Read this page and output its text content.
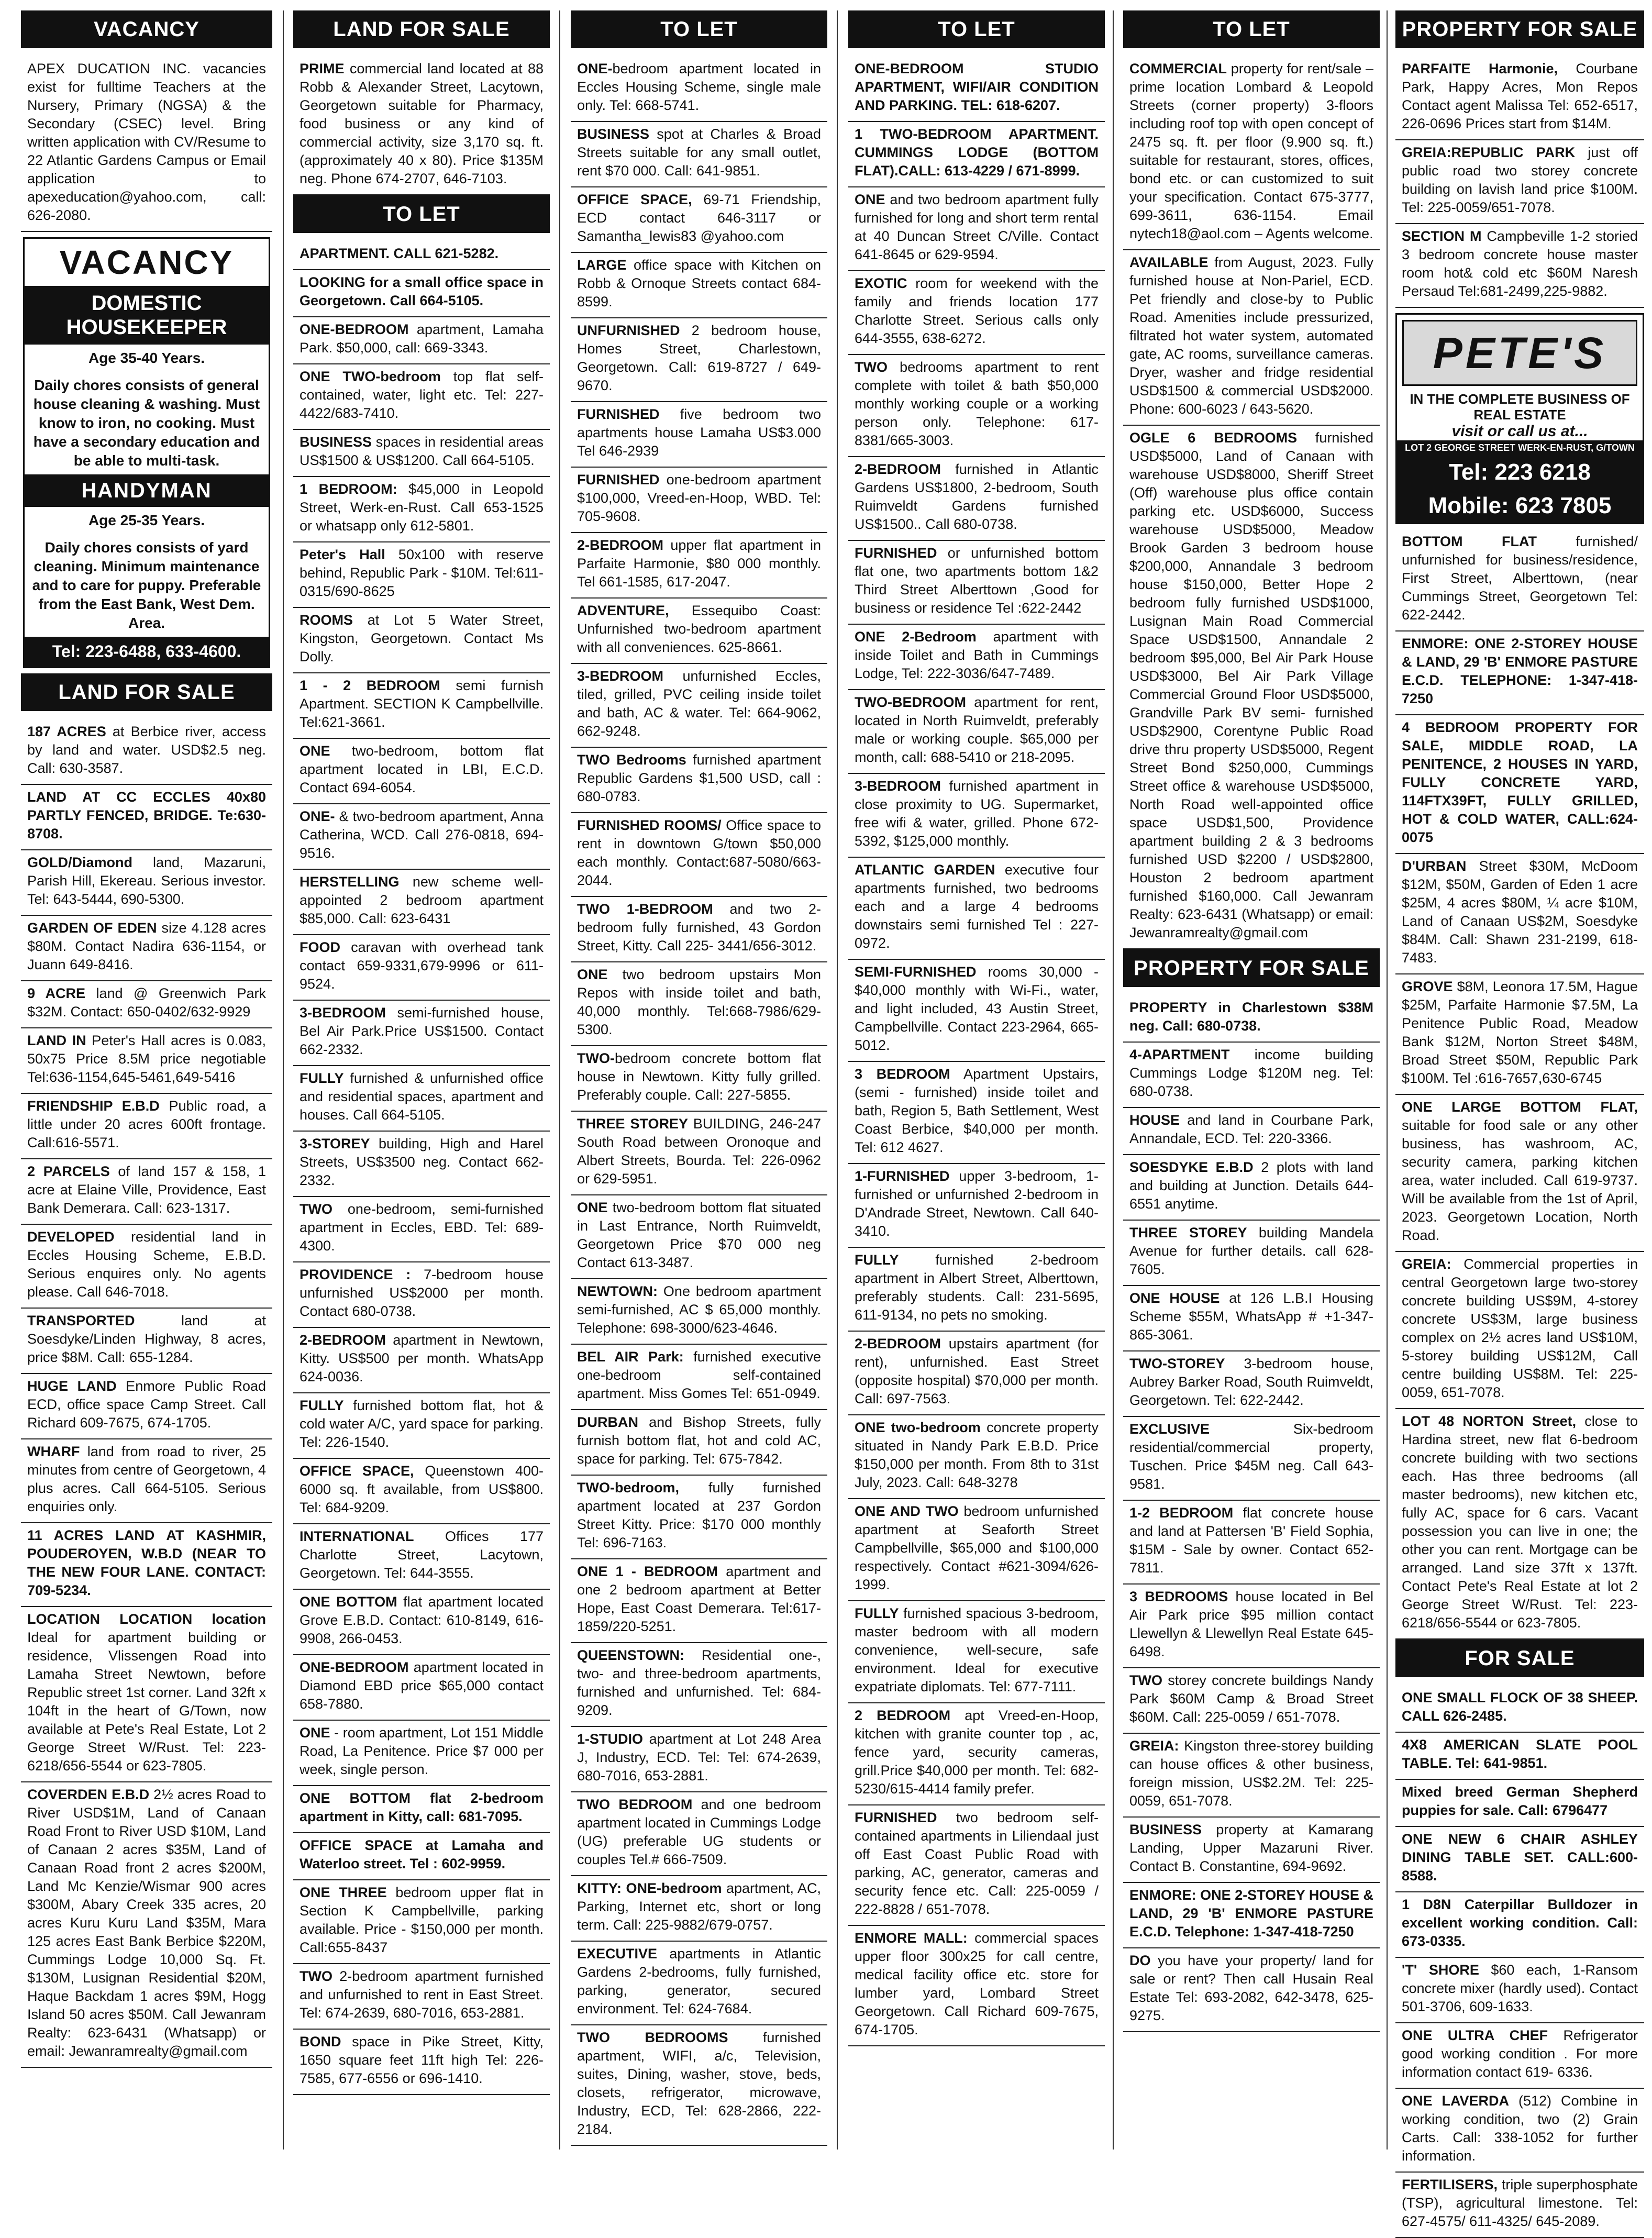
VACANCY
APEX DUCATION INC. vacancies exist for fulltime Teachers at the Nursery, Primary (NGSA) & the Secondary (CSEC) level. Bring written application with CV/Resume to 22 Atlantic Gardens Campus or Email application to apexeducation@yahoo.com, call: 626-2080.
VACANCY
DOMESTIC HOUSEKEEPER
Age 35-40 Years.
Daily chores consists of general house cleaning & washing. Must know to iron, no cooking. Must have a secondary education and be able to multi-task.
HANDYMAN
Age 25-35 Years.
Daily chores consists of yard cleaning. Minimum maintenance and to care for puppy. Preferable from the East Bank, West Dem. Area.
Tel: 223-6488, 633-4600.
LAND FOR SALE
187 ACRES at Berbice river, access by land and water. USD$2.5 neg. Call: 630-3587.
LAND AT CC ECCLES 40x80 PARTLY FENCED, BRIDGE. Te:630-8708.
GOLD/Diamond land, Mazaruni, Parish Hill, Ekereau. Serious investor. Tel: 643-5444, 690-5300.
GARDEN OF EDEN size 4.128 acres $80M. Contact Nadira 636-1154, or Juann 649-8416.
9 ACRE land @ Greenwich Park $32M. Contact: 650-0402/632-9929
LAND IN Peter's Hall acres is 0.083, 50x75 Price 8.5M price negotiable Tel:636-1154,645-5461,649-5416
FRIENDSHIP E.B.D Public road, a little under 20 acres 600ft frontage. Call:616-5571.
2 PARCELS of land 157 & 158, 1 acre at Elaine Ville, Providence, East Bank Demerara. Call: 623-1317.
DEVELOPED residential land in Eccles Housing Scheme, E.B.D. Serious enquires only. No agents please. Call 646-7018.
TRANSPORTED land at Soesdyke/Linden Highway, 8 acres, price $8M. Call: 655-1284.
HUGE LAND Enmore Public Road ECD, office space Camp Street. Call Richard 609-7675, 674-1705.
WHARF land from road to river, 25 minutes from centre of Georgetown, 4 plus acres. Call 664-5105. Serious enquiries only.
11 ACRES LAND AT KASHMIR, POUDEROYEN, W.B.D (NEAR TO THE NEW FOUR LANE. CONTACT: 709-5234.
LOCATION LOCATION location Ideal for apartment building or residence, Vlissengen Road into Lamaha Street Newtown, before Republic street 1st corner. Land 32ft x 104ft in the heart of G/Town, now available at Pete's Real Estate, Lot 2 George Street W/Rust. Tel: 223-6218/656-5544 or 623-7805.
COVERDEN E.B.D 2½ acres Road to River USD$1M, Land of Canaan Road Front to River USD $10M, Land of Canaan 2 acres $35M, Land of Canaan Road front 2 acres $200M, Land Mc Kenzie/Wismar 900 acres $300M, Abary Creek 335 acres, 20 acres Kuru Kuru Land $35M, Mara 125 acres East Bank Berbice $220M, Cummings Lodge 10,000 Sq. Ft. $130M, Lusignan Residential $20M, Haque Backdam 1 acres $9M, Hogg Island 50 acres $50M. Call Jewanram Realty: 623-6431 (Whatsapp) or email: Jewanramrealty@gmail.com
LAND FOR SALE
PRIME commercial land located at 88 Robb & Alexander Street, Lacytown, Georgetown suitable for Pharmacy, food business or any kind of commercial activity, size 3,170 sq. ft. (approximately 40 x 80). Price $135M neg. Phone 674-2707, 646-7103.
TO LET
APARTMENT. CALL 621-5282.
LOOKING for a small office space in Georgetown. Call 664-5105.
ONE-BEDROOM apartment, Lamaha Park. $50,000, call: 669-3343.
ONE TWO-bedroom top flat self-contained, water, light etc. Tel: 227-4422/683-7410.
BUSINESS spaces in residential areas US$1500 & US$1200. Call 664-5105.
1 BEDROOM: $45,000 in Leopold Street, Werk-en-Rust. Call 653-1525 or whatsapp only 612-5801.
Peter's Hall 50x100 with reserve behind, Republic Park - $10M. Tel:611-0315/690-8625
ROOMS at Lot 5 Water Street, Kingston, Georgetown. Contact Ms Dolly.
1 - 2 BEDROOM semi furnish Apartment. SECTION K Campbellville. Tel:621-3661.
ONE two-bedroom, bottom flat apartment located in LBI, E.C.D. Contact 694-6054.
ONE- & two-bedroom apartment, Anna Catherina, WCD. Call 276-0818, 694-9516.
HERSTELLING new scheme well-appointed 2 bedroom apartment $85,000. Call: 623-6431
FOOD caravan with overhead tank contact 659-9331,679-9996 or 611-9524.
3-BEDROOM semi-furnished house, Bel Air Park.Price US$1500. Contact 662-2332.
FULLY furnished & unfurnished office and residential spaces, apartment and houses. Call 664-5105.
3-STOREY building, High and Harel Streets, US$3500 neg. Contact 662-2332.
TWO one-bedroom, semi-furnished apartment in Eccles, EBD. Tel: 689-4300.
PROVIDENCE : 7-bedroom house unfurnished US$2000 per month. Contact 680-0738.
2-BEDROOM apartment in Newtown, Kitty. US$500 per month. WhatsApp 624-0036.
FULLY furnished bottom flat, hot & cold water A/C, yard space for parking. Tel: 226-1540.
OFFICE SPACE, Queenstown 400-6000 sq. ft available, from US$800. Tel: 684-9209.
INTERNATIONAL Offices 177 Charlotte Street, Lacytown, Georgetown. Tel: 644-3555.
ONE BOTTOM flat apartment located Grove E.B.D. Contact: 610-8149, 616-9908, 266-0453.
ONE-BEDROOM apartment located in Diamond EBD price $65,000 contact 658-7880.
ONE - room apartment, Lot 151 Middle Road, La Penitence. Price $7 000 per week, single person.
ONE BOTTOM flat 2-bedroom apartment in Kitty, call: 681-7095.
OFFICE SPACE at Lamaha and Waterloo street. Tel : 602-9959.
ONE THREE bedroom upper flat in Section K Campbellville, parking available. Price - $150,000 per month. Call:655-8437
TWO 2-bedroom apartment furnished and unfurnished to rent in East Street. Tel: 674-2639, 680-7016, 653-2881.
BOND space in Pike Street, Kitty, 1650 square feet 11ft high Tel: 226-7585, 677-6556 or 696-1410.
TO LET
ONE-bedroom apartment located in Eccles Housing Scheme, single male only. Tel: 668-5741.
BUSINESS spot at Charles & Broad Streets suitable for any small outlet, rent $70 000. Call: 641-9851.
OFFICE SPACE, 69-71 Friendship, ECD contact 646-3117 or Samantha_lewis83 @yahoo.com
LARGE office space with Kitchen on Robb & Ornoque Streets contact 684-8599.
UNFURNISHED 2 bedroom house, Homes Street, Charlestown, Georgetown. Call: 619-8727 / 649-9670.
FURNISHED five bedroom two apartments house Lamaha US$3.000 Tel 646-2939
FURNISHED one-bedroom apartment $100,000, Vreed-en-Hoop, WBD. Tel: 705-9608.
2-BEDROOM upper flat apartment in Parfaite Harmonie, $80 000 monthly. Tel 661-1585, 617-2047.
ADVENTURE, Essequibo Coast: Unfurnished two-bedroom apartment with all conveniences. 625-8661.
3-BEDROOM unfurnished Eccles, tiled, grilled, PVC ceiling inside toilet and bath, AC & water. Tel: 664-9062, 662-9248.
TWO Bedrooms furnished apartment Republic Gardens $1,500 USD, call : 680-0783.
FURNISHED ROOMS/ Office space to rent in downtown G/town $50,000 each monthly. Contact:687-5080/663-2044.
TWO 1-BEDROOM and two 2-bedroom fully furnished, 43 Gordon Street, Kitty. Call 225- 3441/656-3012.
ONE two bedroom upstairs Mon Repos with inside toilet and bath, 40,000 monthly. Tel:668-7986/629-5300.
TWO-bedroom concrete bottom flat house in Newtown. Kitty fully grilled. Preferably couple. Call: 227-5855.
THREE STOREY BUILDING, 246-247 South Road between Oronoque and Albert Streets, Bourda. Tel: 226-0962 or 629-5951.
ONE two-bedroom bottom flat situated in Last Entrance, North Ruimveldt, Georgetown Price $70 000 neg Contact 613-3487.
NEWTOWN: One bedroom apartment semi-furnished, AC $ 65,000 monthly. Telephone: 698-3000/623-4646.
BEL AIR Park: furnished executive one-bedroom self-contained apartment. Miss Gomes Tel: 651-0949.
DURBAN and Bishop Streets, fully furnish bottom flat, hot and cold AC, space for parking. Tel: 675-7842.
TWO-bedroom, fully furnished apartment located at 237 Gordon Street Kitty. Price: $170 000 monthly Tel: 696-7163.
ONE 1 - BEDROOM apartment and one 2 bedroom apartment at Better Hope, East Coast Demerara. Tel:617-1859/220-5251.
QUEENSTOWN: Residential one-, two- and three-bedroom apartments, furnished and unfurnished. Tel: 684-9209.
1-STUDIO apartment at Lot 248 Area J, Industry, ECD. Tel: Tel: 674-2639, 680-7016, 653-2881.
TWO BEDROOM and one bedroom apartment located in Cummings Lodge (UG) preferable UG students or couples Tel.# 666-7509.
KITTY: ONE-bedroom apartment, AC, Parking, Internet etc, short or long term. Call: 225-9882/679-0757.
EXECUTIVE apartments in Atlantic Gardens 2-bedrooms, fully furnished, parking, generator, secured environment. Tel: 624-7684.
TWO BEDROOMS furnished apartment, WIFI, a/c, Television, suites, Dining, washer, stove, beds, closets, refrigerator, microwave, Industry, ECD, Tel: 628-2866, 222-2184.
TO LET
ONE-BEDROOM STUDIO APARTMENT, WIFI/AIR CONDITION AND PARKING. TEL: 618-6207.
1 TWO-BEDROOM APARTMENT. CUMMINGS LODGE (BOTTOM FLAT).CALL: 613-4229 / 671-8999.
ONE and two bedroom apartment fully furnished for long and short term rental at 40 Duncan Street C/Ville. Contact 641-8645 or 629-9594.
EXOTIC room for weekend with the family and friends location 177 Charlotte Street. Serious calls only 644-3555, 638-6272.
TWO bedrooms apartment to rent complete with toilet & bath $50,000 monthly working couple or a working person only. Telephone: 617-8381/665-3003.
2-BEDROOM furnished in Atlantic Gardens US$1800, 2-bedroom, South Ruimveldt Gardens furnished US$1500.. Call 680-0738.
FURNISHED or unfurnished bottom flat one, two apartments bottom 1&2 Third Street Alberttown ,Good for business or residence Tel :622-2442
ONE 2-Bedroom apartment with inside Toilet and Bath in Cummings Lodge, Tel: 222-3036/647-7489.
TWO-BEDROOM apartment for rent, located in North Ruimveldt, preferably male or working couple. $65,000 per month, call: 688-5410 or 218-2095.
3-BEDROOM furnished apartment in close proximity to UG. Supermarket, free wifi & water, grilled. Phone 672-5392, $125,000 monthly.
ATLANTIC GARDEN executive four apartments furnished, two bedrooms each and a large 4 bedrooms downstairs semi furnished Tel : 227-0972.
SEMI-FURNISHED rooms 30,000 - $40,000 monthly with Wi-Fi., water, and light included, 43 Austin Street, Campbellville. Contact 223-2964, 665-5012.
3 BEDROOM Apartment Upstairs, (semi - furnished) inside toilet and bath, Region 5, Bath Settlement, West Coast Berbice, $40,000 per month. Tel: 612 4627.
1-FURNISHED upper 3-bedroom, 1-furnished or unfurnished 2-bedroom in D'Andrade Street, Newtown. Call 640-3410.
FULLY furnished 2-bedroom apartment in Albert Street, Alberttown, preferably students. Call: 231-5695, 611-9134, no pets no smoking.
2-BEDROOM upstairs apartment (for rent), unfurnished. East Street (opposite hospital) $70,000 per month. Call: 697-7563.
ONE two-bedroom concrete property situated in Nandy Park E.B.D. Price $150,000 per month. From 8th to 31st July, 2023. Call: 648-3278
ONE AND TWO bedroom unfurnished apartment at Seaforth Street Campbellville, $65,000 and $100,000 respectively. Contact #621-3094/626-1999.
FULLY furnished spacious 3-bedroom, master bedroom with all modern convenience, well-secure, safe environment. Ideal for executive expatriate diplomats. Tel: 677-7111.
2 BEDROOM apt Vreed-en-Hoop, kitchen with granite counter top , ac, fence yard, security cameras, grill.Price $40,000 per month. Tel: 682-5230/615-4414 family prefer.
FURNISHED two bedroom self-contained apartments in Liliendaal just off East Coast Public Road with parking, AC, generator, cameras and security fence etc. Call: 225-0059 / 222-8828 / 651-7078.
ENMORE MALL: commercial spaces upper floor 300x25 for call centre, medical facility office etc. store for lumber yard, Lombard Street Georgetown. Call Richard 609-7675, 674-1705.
TO LET
COMMERCIAL property for rent/sale – prime location Lombard & Leopold Streets (corner property) 3-floors including roof top with open concept of 2475 sq. ft. per floor (9.900 sq. ft.) suitable for restaurant, stores, offices, bond etc. or can customized to suit your specification. Contact 675-3777, 699-3611, 636-1154. Email nytech18@aol.com – Agents welcome.
AVAILABLE from August, 2023. Fully furnished house at Non-Pariel, ECD. Pet friendly and close-by to Public Road. Amenities include pressurized, filtrated hot water system, automated gate, AC rooms, surveillance cameras. Dryer, washer and fridge residential USD$1500 & commercial USD$2000. Phone: 600-6023 / 643-5620.
OGLE 6 BEDROOMS furnished USD$5000, Land of Canaan with warehouse USD$8000, Sheriff Street (Off) warehouse plus office contain parking etc. USD$6000, Success warehouse USD$5000, Meadow Brook Garden 3 bedroom house $200,000, Annandale 3 bedroom house $150,000, Better Hope 2 bedroom fully furnished USD$1000, Lusignan Main Road Commercial Space USD$1500, Annandale 2 bedroom $95,000, Bel Air Park House USD$3000, Bel Air Park Village Commercial Ground Floor USD$5000, Grandville Park BV semi- furnished USD$2900, Corentyne Public Road drive thru property USD$5000, Regent Street Bond $250,000, Cummings Street office & warehouse USD$5000, North Road well-appointed office space USD$1,500, Providence apartment building 2 & 3 bedrooms furnished USD $2200 / USD$2800, Houston 2 bedroom apartment furnished $160,000. Call Jewanram Realty: 623-6431 (Whatsapp) or email: Jewanramrealty@gmail.com
PROPERTY FOR SALE
PROPERTY in Charlestown $38M neg. Call: 680-0738.
4-APARTMENT income building Cummings Lodge $120M neg. Tel: 680-0738.
HOUSE and land in Courbane Park, Annandale, ECD. Tel: 220-3366.
SOESDYKE E.B.D 2 plots with land and building at Junction. Details 644-6551 anytime.
THREE STOREY building Mandela Avenue for further details. call 628-7605.
ONE HOUSE at 126 L.B.I Housing Scheme $55M, WhatsApp # +1-347-865-3061.
TWO-STOREY 3-bedroom house, Aubrey Barker Road, South Ruimveldt, Georgetown. Tel: 622-2442.
EXCLUSIVE Six-bedroom residential/commercial property, Tuschen. Price $45M neg. Call 643-9581.
1-2 BEDROOM flat concrete house and land at Pattersen 'B' Field Sophia, $15M - Sale by owner. Contact 652-7811.
3 BEDROOMS house located in Bel Air Park price $95 million contact Llewellyn & Llewellyn Real Estate 645-6498.
TWO storey concrete buildings Nandy Park $60M Camp & Broad Street $60M. Call: 225-0059 / 651-7078.
GREIA: Kingston three-storey building can house offices & other business, foreign mission, US$2.2M. Tel: 225-0059, 651-7078.
BUSINESS property at Kamarang Landing, Upper Mazaruni River. Contact B. Constantine, 694-9692.
ENMORE: ONE 2-STOREY HOUSE & LAND, 29 'B' ENMORE PASTURE E.C.D. Telephone: 1-347-418-7250
DO you have your property/ land for sale or rent? Then call Husain Real Estate Tel: 693-2082, 642-3478, 625-9275.
PROPERTY FOR SALE
PARFAITE Harmonie, Courbane Park, Happy Acres, Mon Repos Contact agent Malissa Tel: 652-6517, 226-0696 Prices start from $14M.
GREIA:REPUBLIC PARK just off public road two storey concrete building on lavish land price $100M. Tel: 225-0059/651-7078.
SECTION M Campbeville 1-2 storied 3 bedroom concrete house master room hot& cold etc $60M Naresh Persaud Tel:681-2499,225-9882.
PETE'S
IN THE COMPLETE BUSINESS OF REAL ESTATE
visit or call us at...
LOT 2 GEORGE STREET WERK-EN-RUST, G/TOWN
Tel: 223 6218
Mobile: 623 7805
BOTTOM FLAT furnished/ unfurnished for business/residence, First Street, Alberttown, (near Cummings Street, Georgetown Tel: 622-2442.
ENMORE: ONE 2-STOREY HOUSE & LAND, 29 'B' ENMORE PASTURE E.C.D. TELEPHONE: 1-347-418-7250
4 BEDROOM PROPERTY FOR SALE, MIDDLE ROAD, LA PENITENCE, 2 HOUSES IN YARD, FULLY CONCRETE YARD, 114FTX39FT, FULLY GRILLED, HOT & COLD WATER, CALL:624-0075
D'URBAN Street $30M, McDoom $12M, $50M, Garden of Eden 1 acre $25M, 4 acres $80M, ¼ acre $10M, Land of Canaan US$2M, Soesdyke $84M. Call: Shawn 231-2199, 618-7483.
GROVE $8M, Leonora 17.5M, Hague $25M, Parfaite Harmonie $7.5M, La Penitence Public Road, Meadow Bank $12M, Norton Street $48M, Broad Street $50M, Republic Park $100M. Tel :616-7657,630-6745
ONE LARGE BOTTOM FLAT, suitable for food sale or any other business, has washroom, AC, security camera, parking kitchen area, water included. Call 619-9737. Will be available from the 1st of April, 2023. Georgetown Location, North Road.
GREIA: Commercial properties in central Georgetown large two-storey concrete building US$9M, 4-storey concrete US$3M, large business complex on 2½ acres land US$10M, 5-storey building US$12M, Call centre building US$8M. Tel: 225-0059, 651-7078.
LOT 48 NORTON Street, close to Hardina street, new flat 6-bedroom concrete building with two sections each. Has three bedrooms (all master bedrooms), new kitchen etc, fully AC, space for 6 cars. Vacant possession you can live in one; the other you can rent. Mortgage can be arranged. Land size 37ft x 137ft. Contact Pete's Real Estate at lot 2 George Street W/Rust. Tel: 223-6218/656-5544 or 623-7805.
FOR SALE
ONE SMALL FLOCK OF 38 SHEEP. CALL 626-2485.
4X8 AMERICAN SLATE POOL TABLE. Tel: 641-9851.
Mixed breed German Shepherd puppies for sale. Call: 6796477
ONE NEW 6 CHAIR ASHLEY DINING TABLE SET. CALL:600-8588.
1 D8N Caterpillar Bulldozer in excellent working condition. Call: 673-0335.
'T' SHORE $60 each, 1-Ransom concrete mixer (hardly used). Contact 501-3706, 609-1633.
ONE ULTRA CHEF Refrigerator good working condition . For more information contact 619- 6336.
ONE LAVERDA (512) Combine in working condition, two (2) Grain Carts. Call: 338-1052 for further information.
FERTILISERS, triple superphosphate (TSP), agricultural limestone. Tel: 627-4575/ 611-4325/ 645-2089.
